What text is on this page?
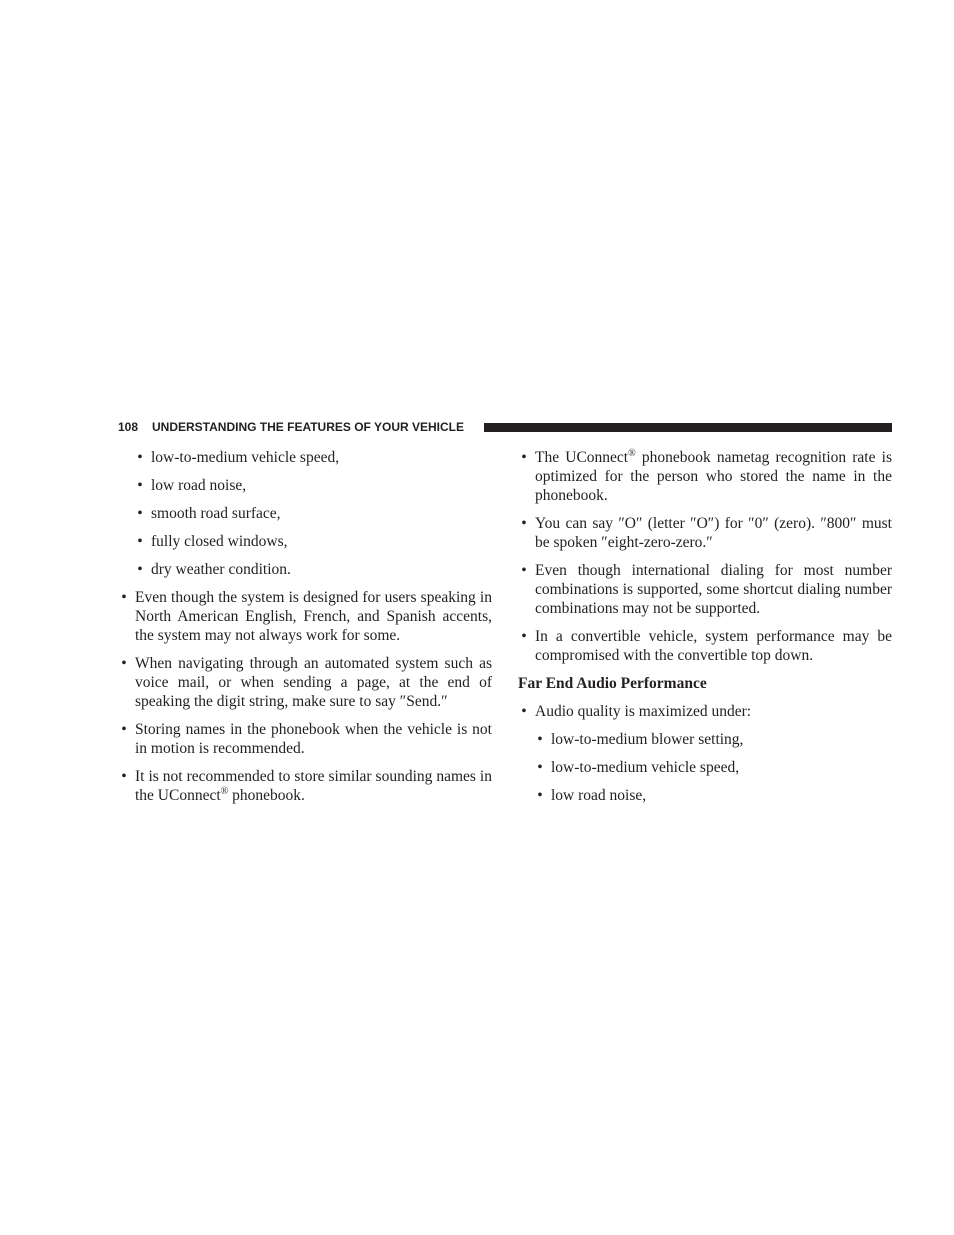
108 UNDERSTANDING THE FEATURES OF YOUR VEHICLE
• low-to-medium vehicle speed,
• low road noise,
• smooth road surface,
• fully closed windows,
• dry weather condition.
• Even though the system is designed for users speaking in North American English, French, and Spanish accents, the system may not always work for some.
• When navigating through an automated system such as voice mail, or when sending a page, at the end of speaking the digit string, make sure to say ″Send.″
• Storing names in the phonebook when the vehicle is not in motion is recommended.
• It is not recommended to store similar sounding names in the UConnect® phonebook.
• The UConnect® phonebook nametag recognition rate is optimized for the person who stored the name in the phonebook.
• You can say ″O″ (letter ″O″) for ″0″ (zero). ″800″ must be spoken ″eight-zero-zero.″
• Even though international dialing for most number combinations is supported, some shortcut dialing number combinations may not be supported.
• In a convertible vehicle, system performance may be compromised with the convertible top down.
Far End Audio Performance
• Audio quality is maximized under:
• low-to-medium blower setting,
• low-to-medium vehicle speed,
• low road noise,
